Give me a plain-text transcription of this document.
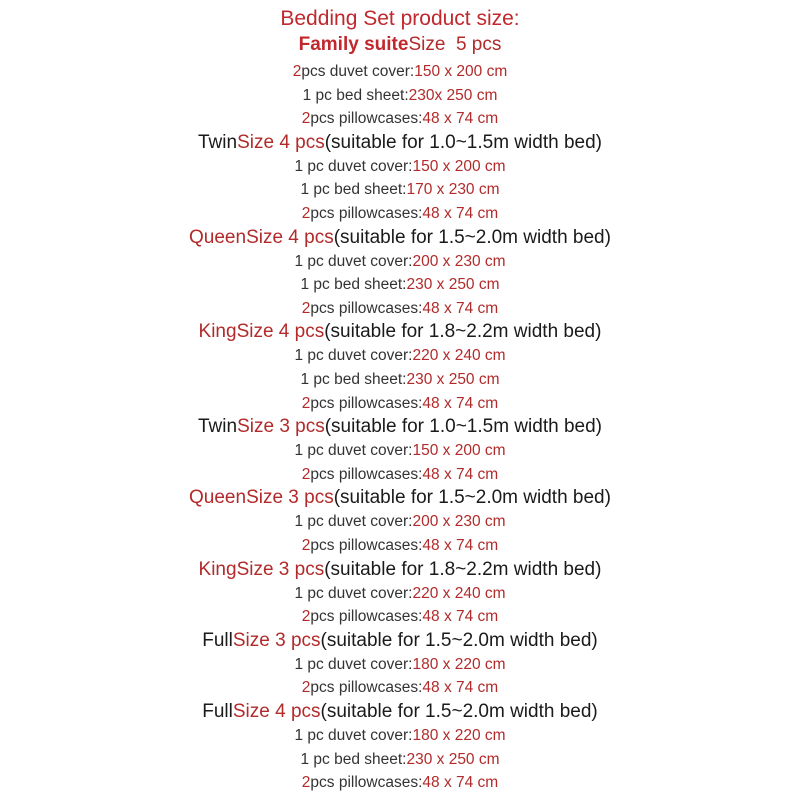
Bedding Set product size:
Family suiteSize  5 pcs
2pcs duvet cover:150 x 200 cm
1 pc bed sheet:230x 250 cm
2pcs pillowcases:48 x 74 cm
TwinSize 4 pcs(suitable for 1.0~1.5m width bed)
1 pc duvet cover:150 x 200 cm
1 pc bed sheet:170 x 230 cm
2pcs pillowcases:48 x 74 cm
QueenSize 4 pcs(suitable for 1.5~2.0m width bed)
1 pc duvet cover:200 x 230 cm
1 pc bed sheet:230 x 250 cm
2pcs pillowcases:48 x 74 cm
KingSize 4 pcs(suitable for 1.8~2.2m width bed)
1 pc duvet cover:220 x 240 cm
1 pc bed sheet:230 x 250 cm
2pcs pillowcases:48 x 74 cm
TwinSize 3 pcs(suitable for 1.0~1.5m width bed)
1 pc duvet cover:150 x 200 cm
2pcs pillowcases:48 x 74 cm
QueenSize 3 pcs(suitable for 1.5~2.0m width bed)
1 pc duvet cover:200 x 230 cm
2pcs pillowcases:48 x 74 cm
KingSize 3 pcs(suitable for 1.8~2.2m width bed)
1 pc duvet cover:220 x 240 cm
2pcs pillowcases:48 x 74 cm
FullSize 3 pcs(suitable for 1.5~2.0m width bed)
1 pc duvet cover:180 x 220 cm
2pcs pillowcases:48 x 74 cm
FullSize 4 pcs(suitable for 1.5~2.0m width bed)
1 pc duvet cover:180 x 220 cm
1 pc bed sheet:230 x 250 cm
2pcs pillowcases:48 x 74 cm
